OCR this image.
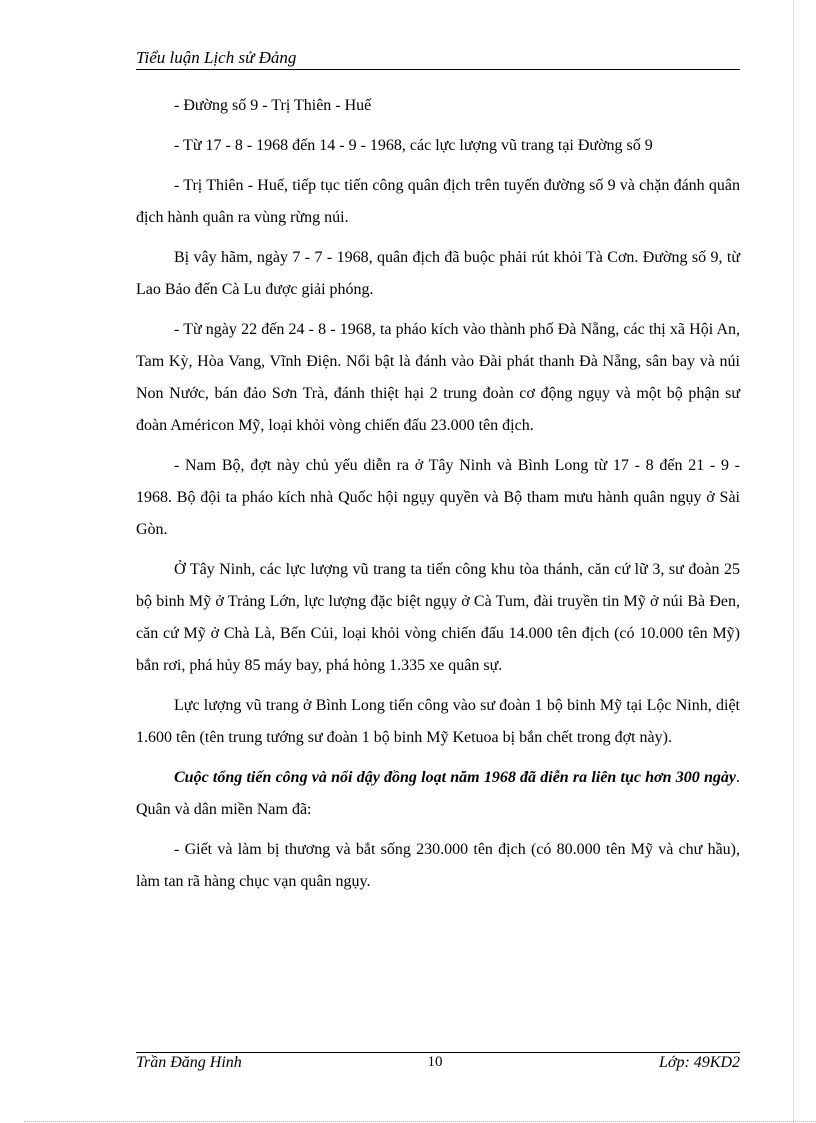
Tiểu luận Lịch sử Đảng

- Đường số 9 - Trị Thiên - Huế

- Từ 17 - 8 - 1968 đến 14 - 9 - 1968, các lực lượng vũ trang tại Đường số 9

- Trị Thiên - Huế, tiếp tục tiến công quân địch trên tuyến đường số 9 và chặn đánh quân địch hành quân ra vùng rừng núi.

Bị vây hãm, ngày 7 - 7 - 1968, quân địch đã buộc phải rút khỏi Tà Cơn. Đường số 9, từ Lao Bảo đến Cà Lu được giải phóng.

- Từ ngày 22 đến 24 - 8 - 1968, ta pháo kích vào thành phố Đà Nẵng, các thị xã Hội An, Tam Kỳ, Hòa Vang, Vĩnh Điện. Nổi bật là đánh vào Đài phát thanh Đà Nẵng, sân bay và núi Non Nước, bán đảo Sơn Trà, đánh thiệt hại 2 trung đoàn cơ động ngụy và một bộ phận sư đoàn Améric​on Mỹ, loại khỏi vòng chiến đấu 23.000 tên địch.

- Nam Bộ, đợt này chủ yếu diễn ra ở Tây Ninh và Bình Long từ 17 - 8 đến 21 - 9 - 1968. Bộ đội ta pháo kích nhà Quốc hội ngụy quyền và Bộ tham mưu hành quân ngụy ở Sài Gòn.

Ở Tây Ninh, các lực lượng vũ trang ta tiến công khu tòa thánh, căn cứ lữ 3, sư đoàn 25 bộ binh Mỹ ở Trảng Lớn, lực lượng đặc biệt ngụy ở Cà Tum, đài truyền tin Mỹ ở núi Bà Đen, căn cứ Mỹ ở Chà Là, Bến Củi, loại khỏi vòng chiến đấu 14.000 tên địch (có 10.000 tên Mỹ) bắn rơi, phá hủy 85 máy bay, phá hỏng 1.335 xe quân sự.

Lực lượng vũ trang ở Bình Long tiến công vào sư đoàn 1 bộ binh Mỹ tại Lộc Ninh, diệt 1.600 tên (tên trung tướng sư đoàn 1 bộ binh Mỹ Ketuoa bị bắn chết trong đợt này).

Cuộc tổng tiến công và nổi dậy đồng loạt năm 1968 đã diễn ra liên tục hơn 300 ngày. Quân và dân miền Nam đã:

- Giết và làm bị thương và bắt sống 230.000 tên địch (có 80.000 tên Mỹ và chư hầu), làm tan rã hàng chục vạn quân ngụy.

Trần Đăng Hinh	10	Lớp: 49KD2
